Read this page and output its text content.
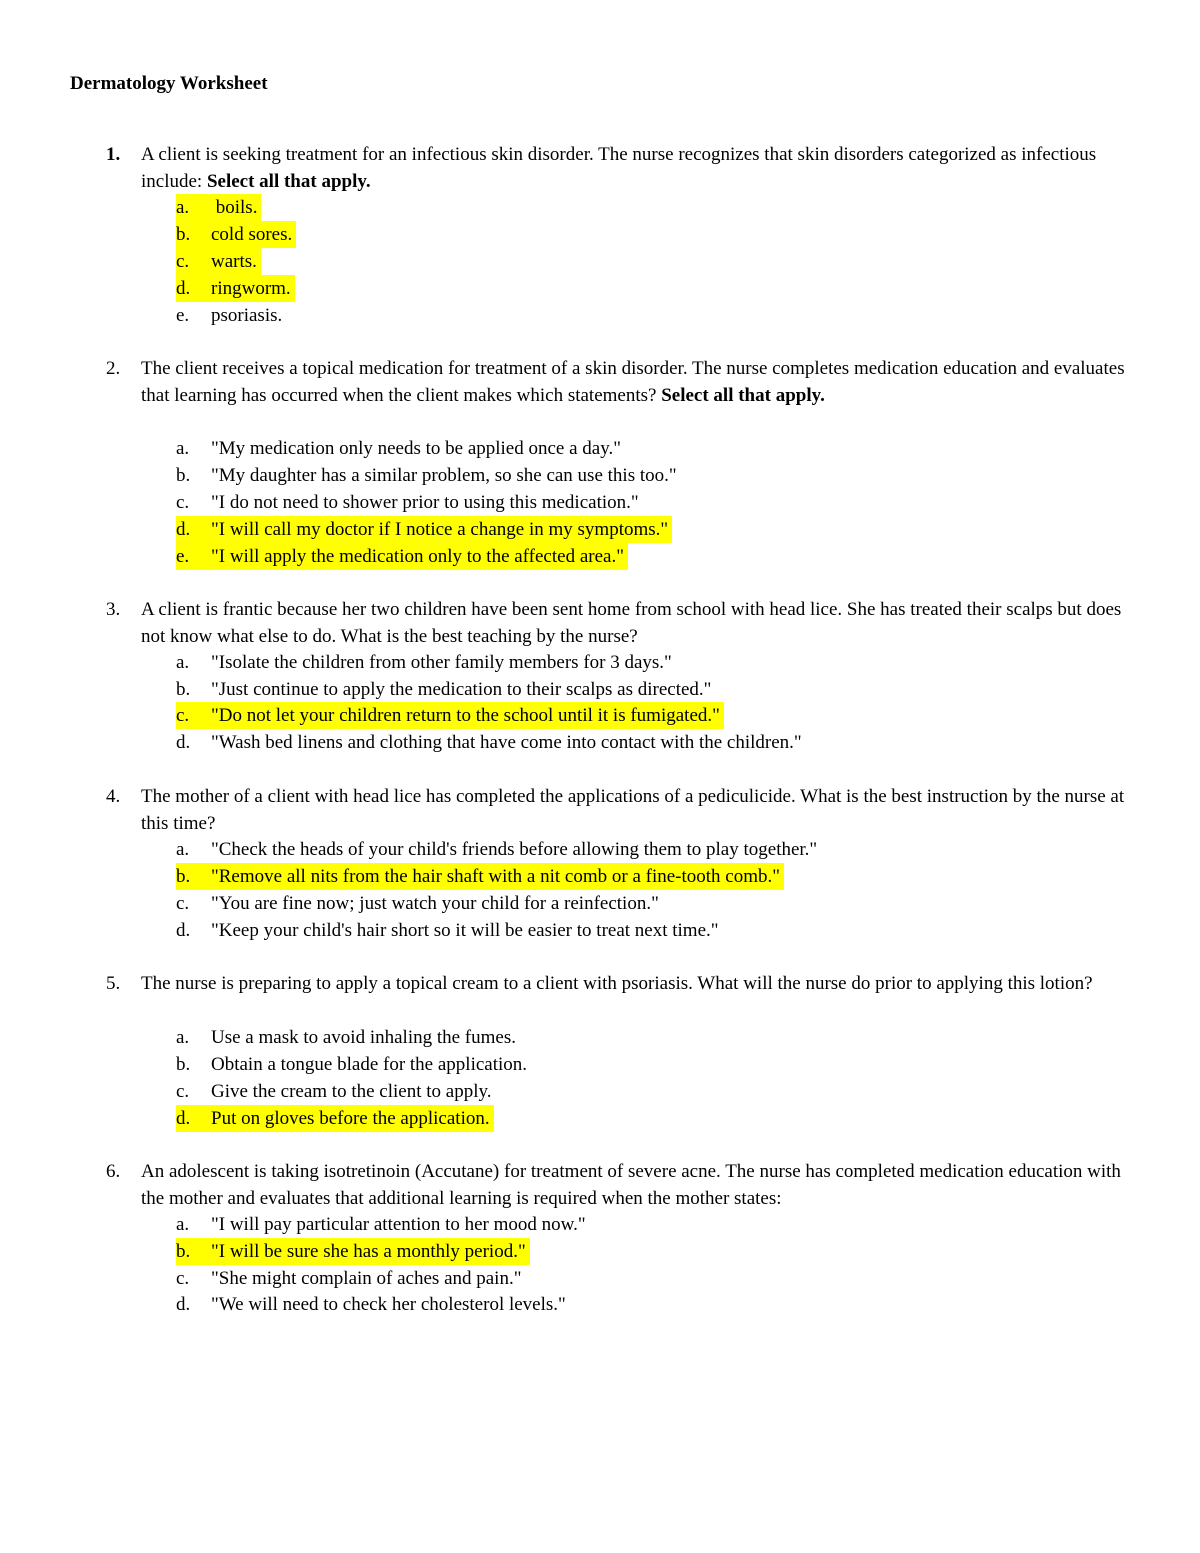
Dermatology Worksheet
1. A client is seeking treatment for an infectious skin disorder. The nurse recognizes that skin disorders categorized as infectious include: Select all that apply.
a. boils.
b. cold sores.
c. warts.
d. ringworm.
e. psoriasis.
2. The client receives a topical medication for treatment of a skin disorder. The nurse completes medication education and evaluates that learning has occurred when the client makes which statements? Select all that apply.
a. "My medication only needs to be applied once a day."
b. "My daughter has a similar problem, so she can use this too."
c. "I do not need to shower prior to using this medication."
d. "I will call my doctor if I notice a change in my symptoms."
e. "I will apply the medication only to the affected area."
3. A client is frantic because her two children have been sent home from school with head lice. She has treated their scalps but does not know what else to do. What is the best teaching by the nurse?
a. "Isolate the children from other family members for 3 days."
b. "Just continue to apply the medication to their scalps as directed."
c. "Do not let your children return to the school until it is fumigated."
d. "Wash bed linens and clothing that have come into contact with the children."
4. The mother of a client with head lice has completed the applications of a pediculicide. What is the best instruction by the nurse at this time?
a. "Check the heads of your child's friends before allowing them to play together."
b. "Remove all nits from the hair shaft with a nit comb or a fine-tooth comb."
c. "You are fine now; just watch your child for a reinfection."
d. "Keep your child's hair short so it will be easier to treat next time."
5. The nurse is preparing to apply a topical cream to a client with psoriasis. What will the nurse do prior to applying this lotion?
a. Use a mask to avoid inhaling the fumes.
b. Obtain a tongue blade for the application.
c. Give the cream to the client to apply.
d. Put on gloves before the application.
6. An adolescent is taking isotretinoin (Accutane) for treatment of severe acne. The nurse has completed medication education with the mother and evaluates that additional learning is required when the mother states:
a. "I will pay particular attention to her mood now."
b. "I will be sure she has a monthly period."
c. "She might complain of aches and pain."
d. "We will need to check her cholesterol levels."
